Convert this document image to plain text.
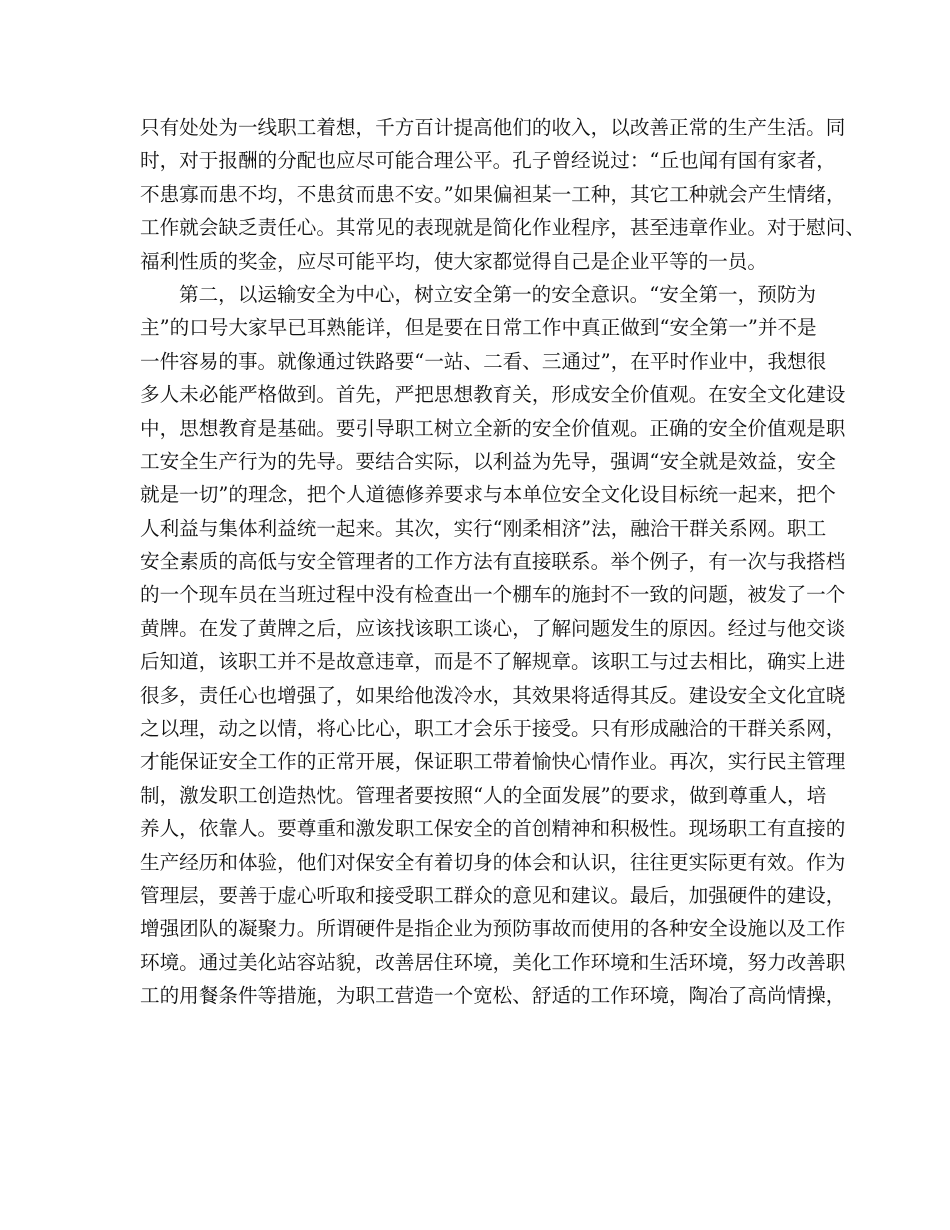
只有处处为一线职工着想，千方百计提高他们的收入，以改善正常的生产生活。同
时，对于报酬的分配也应尽可能合理公平。孔子曾经说过：“丘也闻有国有家者，
不患寡而患不均，不患贫而患不安。”如果偏袒某一工种，其它工种就会产生情绪，
工作就会缺乏责任心。其常见的表现就是简化作业程序，甚至违章作业。对于慰问、
福利性质的奖金，应尽可能平均，使大家都觉得自己是企业平等的一员。
第二，以运输安全为中心，树立安全第一的安全意识。“安全第一，预防为
主”的口号大家早已耳熟能详，但是要在日常工作中真正做到“安全第一”并不是
一件容易的事。就像通过铁路要“一站、二看、三通过”，在平时作业中，我想很
多人未必能严格做到。首先，严把思想教育关，形成安全价值观。在安全文化建设
中，思想教育是基础。要引导职工树立全新的安全价值观。正确的安全价值观是职
工安全生产行为的先导。要结合实际，以利益为先导，强调“安全就是效益，安全
就是一切”的理念，把个人道德修养要求与本单位安全文化设目标统一起来，把个
人利益与集体利益统一起来。其次，实行“刚柔相济”法，融洽干群关系网。职工
安全素质的高低与安全管理者的工作方法有直接联系。举个例子，有一次与我搭档
的一个现车员在当班过程中没有检查出一个棚车的施封不一致的问题，被发了一个
黄牌。在发了黄牌之后，应该找该职工谈心，了解问题发生的原因。经过与他交谈
后知道，该职工并不是故意违章，而是不了解规章。该职工与过去相比，确实上进
很多，责任心也增强了，如果给他泼冷水，其效果将适得其反。建设安全文化宜晓
之以理，动之以情，将心比心，职工才会乐于接受。只有形成融洽的干群关系网，
才能保证安全工作的正常开展，保证职工带着愉快心情作业。再次，实行民主管理
制，激发职工创造热忱。管理者要按照“人的全面发展”的要求，做到尊重人，培
养人，依靠人。要尊重和激发职工保安全的首创精神和积极性。现场职工有直接的
生产经历和体验，他们对保安全有着切身的体会和认识，往往更实际更有效。作为
管理层，要善于虚心听取和接受职工群众的意见和建议。最后，加强硬件的建设，
增强团队的凝聚力。所谓硬件是指企业为预防事故而使用的各种安全设施以及工作
环境。通过美化站容站貌，改善居住环境，美化工作环境和生活环境，努力改善职
工的用餐条件等措施，为职工营造一个宽松、舒适的工作环境，陶冶了高尚情操，
